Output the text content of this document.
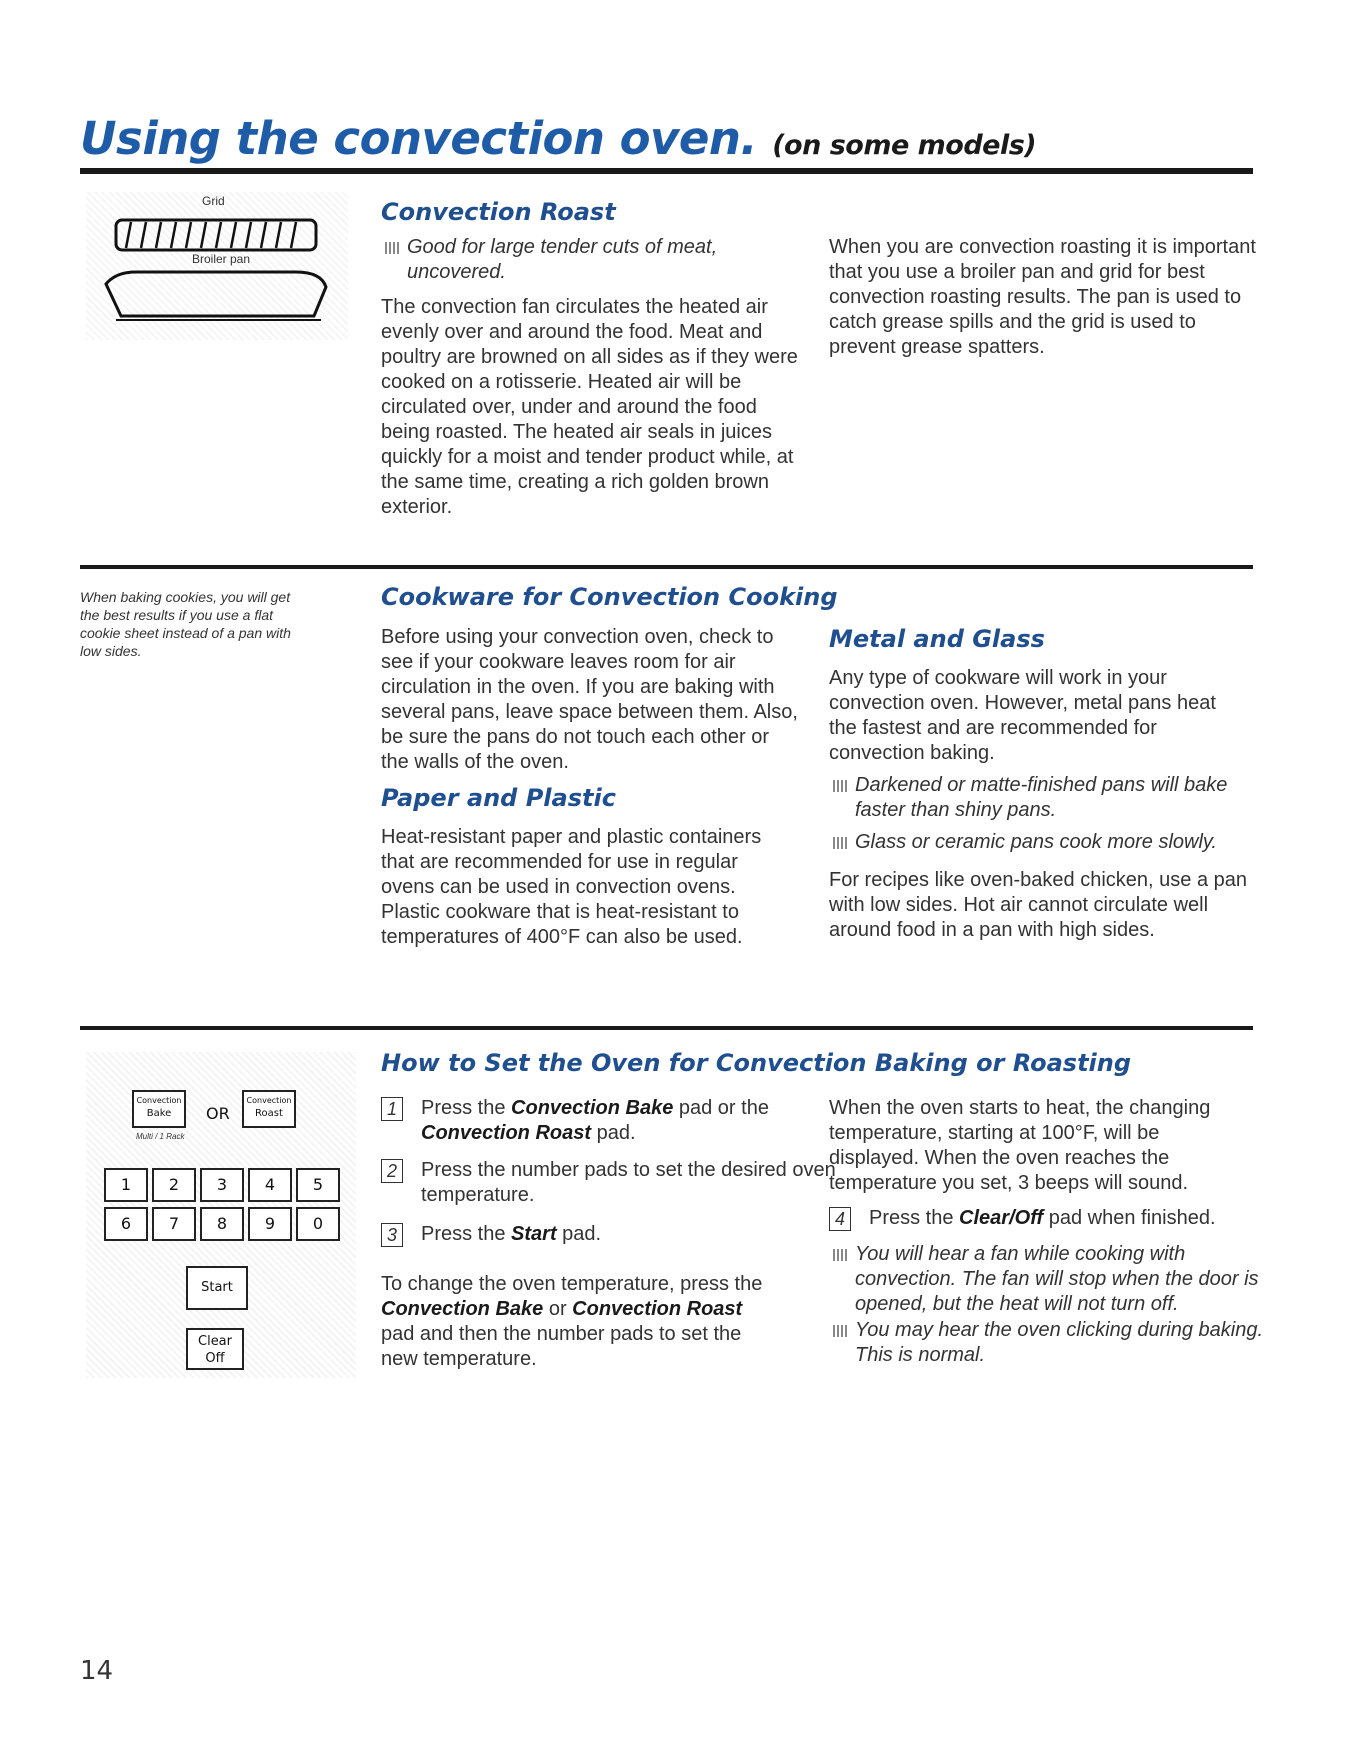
Using the convection oven. (on some models)
Grid
Broiler pan
Convection Roast

Good for large tender cuts of meat, uncovered.

The convection fan circulates the heated air evenly over and around the food. Meat and poultry are browned on all sides as if they were cooked on a rotisserie. Heated air will be circulated over, under and around the food being roasted. The heated air seals in juices quickly for a moist and tender product while, at the same time, creating a rich golden brown exterior.

When you are convection roasting it is important that you use a broiler pan and grid for best convection roasting results. The pan is used to catch grease spills and the grid is used to prevent grease spatters.

When baking cookies, you will get the best results if you use a flat cookie sheet instead of a pan with low sides.

Cookware for Convection Cooking

Before using your convection oven, check to see if your cookware leaves room for air circulation in the oven. If you are baking with several pans, leave space between them. Also, be sure the pans do not touch each other or the walls of the oven.

Paper and Plastic

Heat-resistant paper and plastic containers that are recommended for use in regular ovens can be used in convection ovens. Plastic cookware that is heat-resistant to temperatures of 400°F can also be used.

Metal and Glass

Any type of cookware will work in your convection oven. However, metal pans heat the fastest and are recommended for convection baking.

Darkened or matte-finished pans will bake faster than shiny pans.

Glass or ceramic pans cook more slowly.

For recipes like oven-baked chicken, use a pan with low sides. Hot air cannot circulate well around food in a pan with high sides.

Convection
Bake	OR
Convection
Roast
Multi / 1 Rack
1	2	3	4	5
6	7	8	9	0
Start
Clear
Off
How to Set the Oven for Convection Baking or Roasting

1	Press the Convection Bake pad or the Convection Roast pad.

2	Press the number pads to set the desired oven temperature.

3	Press the Start pad.

To change the oven temperature, press the Convection Bake or Convection Roast pad and then the number pads to set the new temperature.

When the oven starts to heat, the changing temperature, starting at 100°F, will be displayed. When the oven reaches the temperature you set, 3 beeps will sound.

4	Press the Clear/Off pad when finished.

You will hear a fan while cooking with convection. The fan will stop when the door is opened, but the heat will not turn off.

You may hear the oven clicking during baking. This is normal.

14
